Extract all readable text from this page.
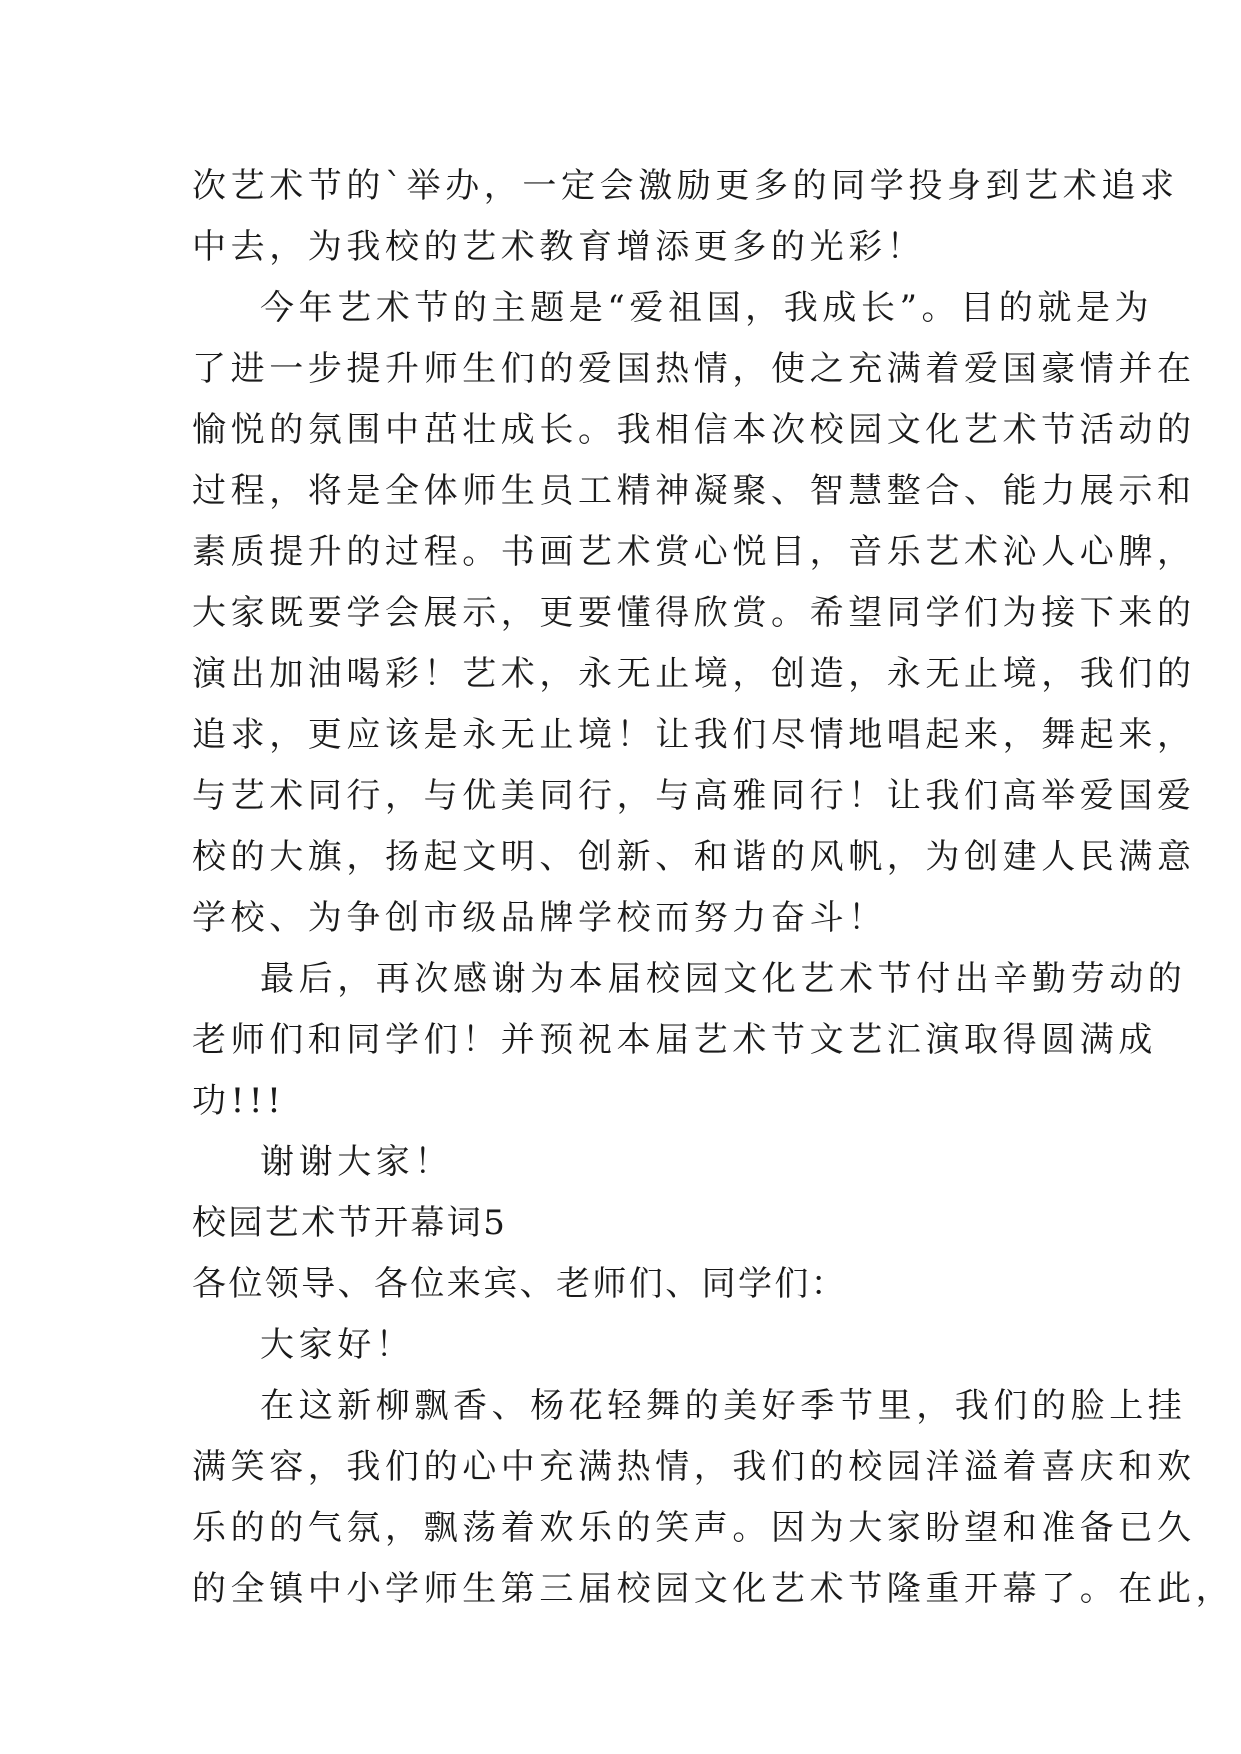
次艺术节的`举办，一定会激励更多的同学投身到艺术追求
中去，为我校的艺术教育增添更多的光彩！
今年艺术节的主题是“爱祖国，我成长”。目的就是为
了进一步提升师生们的爱国热情，使之充满着爱国豪情并在
愉悦的氛围中茁壮成长。我相信本次校园文化艺术节活动的
过程，将是全体师生员工精神凝聚、智慧整合、能力展示和
素质提升的过程。书画艺术赏心悦目，音乐艺术沁人心脾，
大家既要学会展示，更要懂得欣赏。希望同学们为接下来的
演出加油喝彩！艺术，永无止境，创造，永无止境，我们的
追求，更应该是永无止境！让我们尽情地唱起来，舞起来，
与艺术同行，与优美同行，与高雅同行！让我们高举爱国爱
校的大旗，扬起文明、创新、和谐的风帆，为创建人民满意
学校、为争创市级品牌学校而努力奋斗！
最后，再次感谢为本届校园文化艺术节付出辛勤劳动的
老师们和同学们！并预祝本届艺术节文艺汇演取得圆满成
功!!!
谢谢大家！
校园艺术节开幕词5
各位领导、各位来宾、老师们、同学们：
大家好！
在这新柳飘香、杨花轻舞的美好季节里，我们的脸上挂
满笑容，我们的心中充满热情，我们的校园洋溢着喜庆和欢
乐的的气氛，飘荡着欢乐的笑声。因为大家盼望和准备已久
的全镇中小学师生第三届校园文化艺术节隆重开幕了。在此，
